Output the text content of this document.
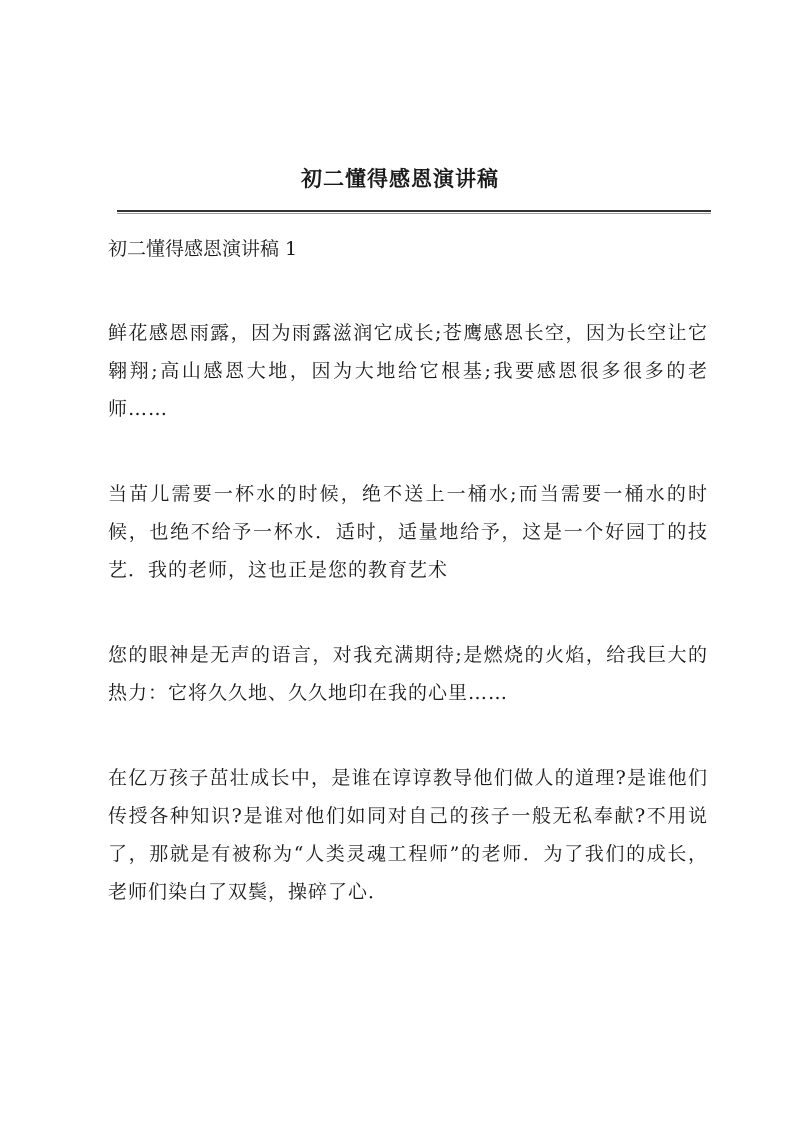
初二懂得感恩演讲稿

初二懂得感恩演讲稿 1

鲜花感恩雨露，因为雨露滋润它成长;苍鹰感恩长空，因为长空让它翱翔;高山感恩大地，因为大地给它根基;我要感恩很多很多的老师……

当苗儿需要一杯水的时候，绝不送上一桶水;而当需要一桶水的时候，也绝不给予一杯水．适时，适量地给予，这是一个好园丁的技艺．我的老师，这也正是您的教育艺术

您的眼神是无声的语言，对我充满期待;是燃烧的火焰，给我巨大的热力：它将久久地、久久地印在我的心里……

在亿万孩子茁壮成长中，是谁在谆谆教导他们做人的道理?是谁他们传授各种知识?是谁对他们如同对自己的孩子一般无私奉献?不用说了，那就是有被称为“人类灵魂工程师”的老师．为了我们的成长，老师们染白了双鬓，操碎了心．
